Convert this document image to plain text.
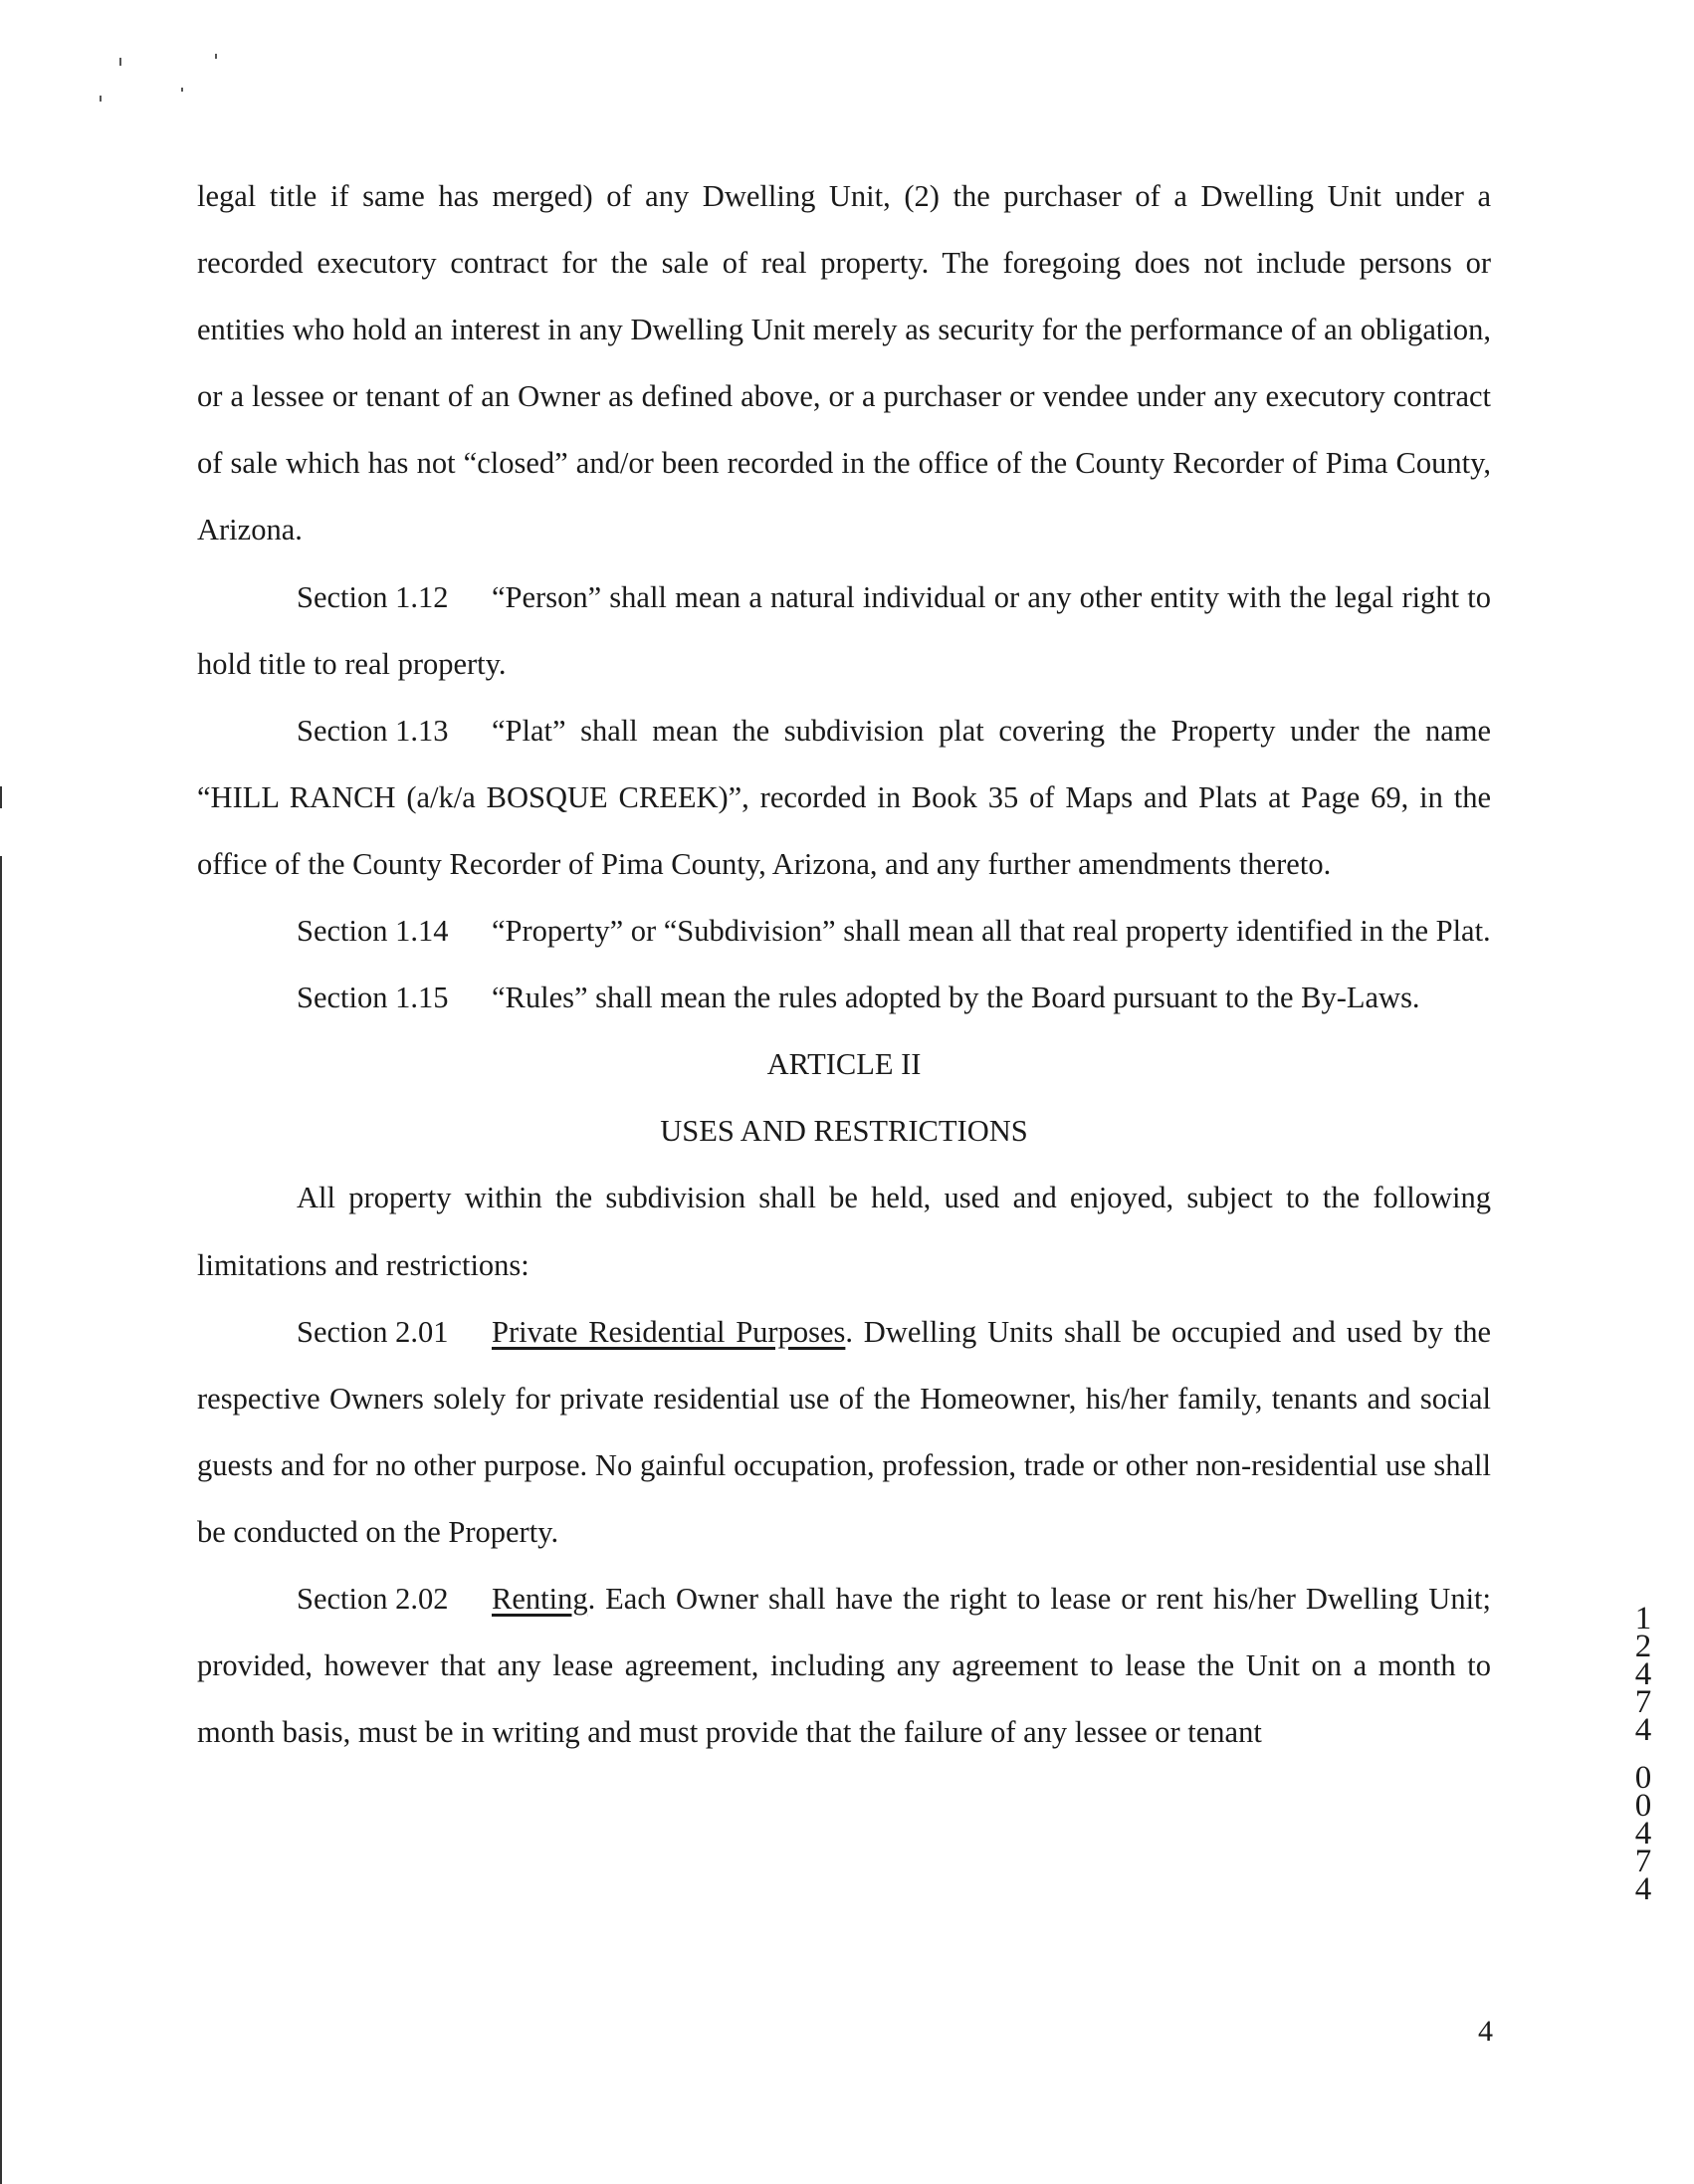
legal title if same has merged) of any Dwelling Unit, (2) the purchaser of a Dwelling Unit under a recorded executory contract for the sale of real property. The foregoing does not include persons or entities who hold an interest in any Dwelling Unit merely as security for the performance of an obligation, or a lessee or tenant of an Owner as defined above, or a purchaser or vendee under any executory contract of sale which has not “closed” and/or been recorded in the office of the County Recorder of Pima County, Arizona.

Section 1.12 “Person” shall mean a natural individual or any other entity with the legal right to hold title to real property.

Section 1.13 “Plat” shall mean the subdivision plat covering the Property under the name “HILL RANCH (a/k/a BOSQUE CREEK)”, recorded in Book 35 of Maps and Plats at Page 69, in the office of the County Recorder of Pima County, Arizona, and any further amendments thereto.

Section 1.14 “Property” or “Subdivision” shall mean all that real property identified in the Plat.

Section 1.15 “Rules” shall mean the rules adopted by the Board pursuant to the By-Laws.

ARTICLE II

USES AND RESTRICTIONS

All property within the subdivision shall be held, used and enjoyed, subject to the following limitations and restrictions:

Section 2.01 Private Residential Purposes. Dwelling Units shall be occupied and used by the respective Owners solely for private residential use of the Homeowner, his/her family, tenants and social guests and for no other purpose. No gainful occupation, profession, trade or other non-residential use shall be conducted on the Property.

Section 2.02 Renting. Each Owner shall have the right to lease or rent his/her Dwelling Unit; provided, however that any lease agreement, including any agreement to lease the Unit on a month to month basis, must be in writing and must provide that the failure of any lessee or tenant

1
2
4
7
4
0
0
4
7
4
4
